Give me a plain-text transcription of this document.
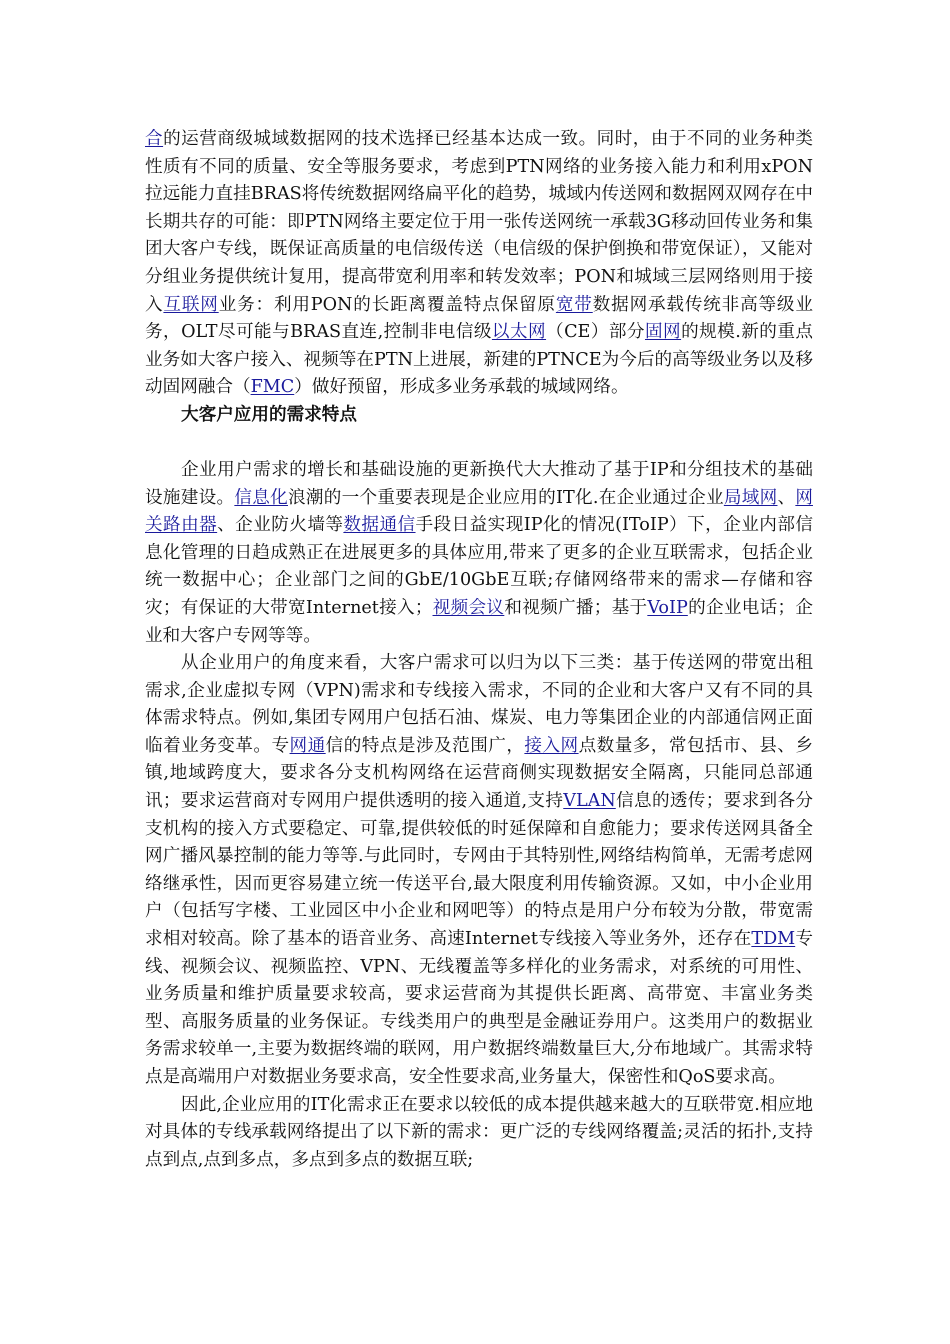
合的运营商级城域数据网的技术选择已经基本达成一致。同时，由于不同的业务种类性质有不同的质量、安全等服务要求，考虑到PTN网络的业务接入能力和利用xPON拉远能力直挂BRAS将传统数据网络扁平化的趋势，城域内传送网和数据网双网存在中长期共存的可能：即PTN网络主要定位于用一张传送网统一承载3G移动回传业务和集团大客户专线，既保证高质量的电信级传送（电信级的保护倒换和带宽保证），又能对分组业务提供统计复用，提高带宽利用率和转发效率；PON和城域三层网络则用于接入互联网业务：利用PON的长距离覆盖特点保留原宽带数据网承载传统非高等级业务，OLT尽可能与BRAS直连,控制非电信级以太网（CE）部分固网的规模.新的重点业务如大客户接入、视频等在PTN上进展，新建的PTNCE为今后的高等级业务以及移动固网融合（FMC）做好预留，形成多业务承载的城域网络。

大客户应用的需求特点

企业用户需求的增长和基础设施的更新换代大大推动了基于IP和分组技术的基础设施建设。信息化浪潮的一个重要表现是企业应用的IT化.在企业通过企业局域网、网关路由器、企业防火墙等数据通信手段日益实现IP化的情况(IToIP）下，企业内部信息化管理的日趋成熟正在进展更多的具体应用,带来了更多的企业互联需求，包括企业统一数据中心；企业部门之间的GbE/10GbE互联;存储网络带来的需求—存储和容灾；有保证的大带宽Internet接入；视频会议和视频广播；基于VoIP的企业电话；企业和大客户专网等等。

从企业用户的角度来看，大客户需求可以归为以下三类：基于传送网的带宽出租需求,企业虚拟专网（VPN)需求和专线接入需求，不同的企业和大客户又有不同的具体需求特点。例如,集团专网用户包括石油、煤炭、电力等集团企业的内部通信网正面临着业务变革。专网通信的特点是涉及范围广，接入网点数量多，常包括市、县、乡镇,地域跨度大，要求各分支机构网络在运营商侧实现数据安全隔离，只能同总部通讯；要求运营商对专网用户提供透明的接入通道,支持VLAN信息的透传；要求到各分支机构的接入方式要稳定、可靠,提供较低的时延保障和自愈能力；要求传送网具备全网广播风暴控制的能力等等.与此同时，专网由于其特别性,网络结构简单，无需考虑网络继承性，因而更容易建立统一传送平台,最大限度利用传输资源。又如，中小企业用户（包括写字楼、工业园区中小企业和网吧等）的特点是用户分布较为分散，带宽需求相对较高。除了基本的语音业务、高速Internet专线接入等业务外，还存在TDM专线、视频会议、视频监控、VPN、无线覆盖等多样化的业务需求，对系统的可用性、业务质量和维护质量要求较高，要求运营商为其提供长距离、高带宽、丰富业务类型、高服务质量的业务保证。专线类用户的典型是金融证券用户。这类用户的数据业务需求较单一,主要为数据终端的联网，用户数据终端数量巨大,分布地域广。其需求特点是高端用户对数据业务要求高，安全性要求高,业务量大，保密性和QoS要求高。

因此,企业应用的IT化需求正在要求以较低的成本提供越来越大的互联带宽.相应地对具体的专线承载网络提出了以下新的需求：更广泛的专线网络覆盖;灵活的拓扑,支持点到点,点到多点，多点到多点的数据互联;
